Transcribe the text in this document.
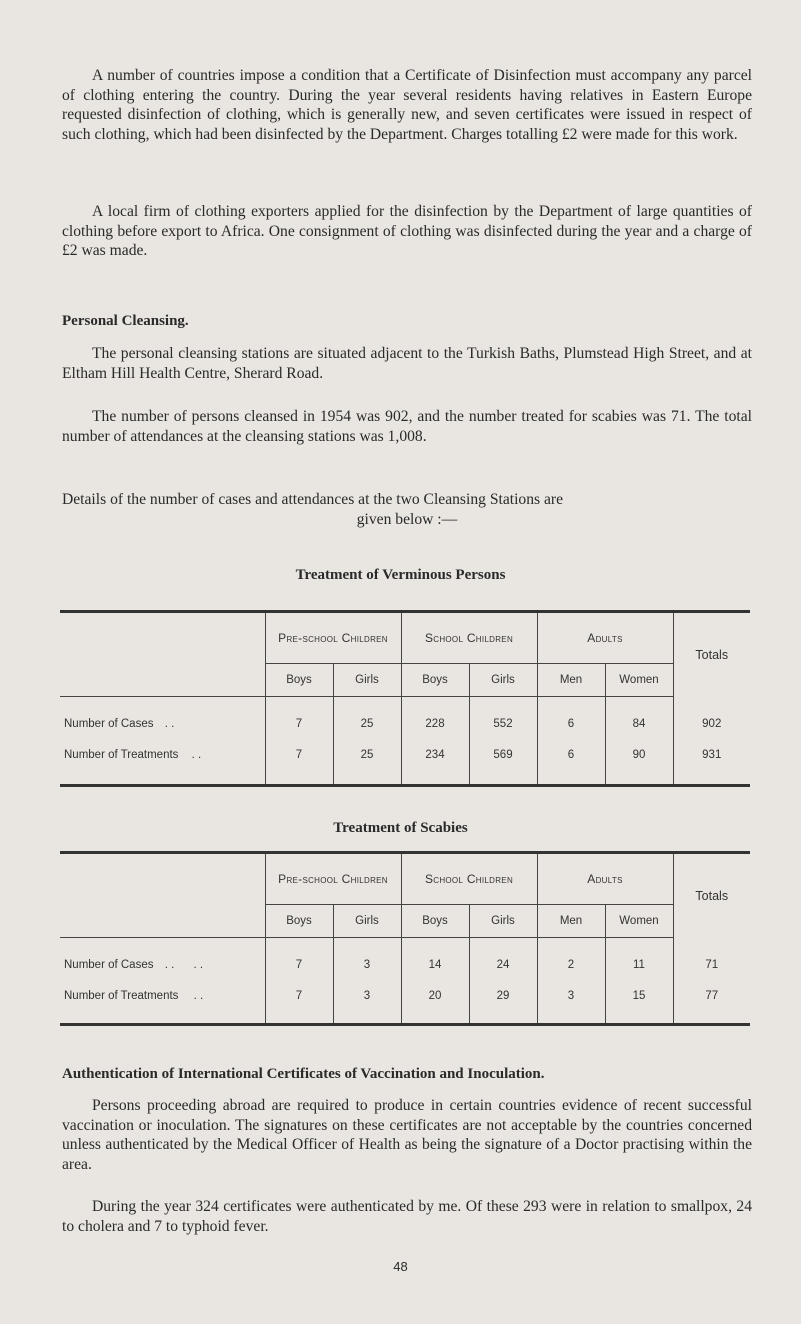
A number of countries impose a condition that a Certificate of Disinfection must accompany any parcel of clothing entering the country. During the year several residents having relatives in Eastern Europe requested disinfection of clothing, which is generally new, and seven certificates were issued in respect of such clothing, which had been disinfected by the Department. Charges totalling £2 were made for this work.

A local firm of clothing exporters applied for the disinfection by the Department of large quantities of clothing before export to Africa. One consignment of clothing was disinfected during the year and a charge of £2 was made.

Personal Cleansing.

The personal cleansing stations are situated adjacent to the Turkish Baths, Plumstead High Street, and at Eltham Hill Health Centre, Sherard Road.

The number of persons cleansed in 1954 was 902, and the number treated for scabies was 71. The total number of attendances at the cleansing stations was 1,008.

Details of the number of cases and attendances at the two Cleansing Stations are

given below :—

Treatment of Verminous Persons

	Pre-school Children		School Children		Adults		Totals
	Boys	Girls	Boys	Girls	Men	Women	

Number of Cases . .	7	25	228	552	6	84	902
Number of Treatments . .	7	25	234	569	6	90	931

Treatment of Scabies

	Pre-school Children		School Children		Adults		Totals
	Boys	Girls	Boys	Girls	Men	Women	

Number of Cases . .      . .	7	3	14	24	2	11	71
Number of Treatments . .	7	3	20	29	3	15	77

Authentication of International Certificates of Vaccination and Inoculation.

Persons proceeding abroad are required to produce in certain countries evidence of recent successful vaccination or inoculation. The signatures on these certificates are not acceptable by the countries concerned unless authenticated by the Medical Officer of Health as being the signature of a Doctor practising within the area.

During the year 324 certificates were authenticated by me. Of these 293 were in relation to smallpox, 24 to cholera and 7 to typhoid fever.

48
